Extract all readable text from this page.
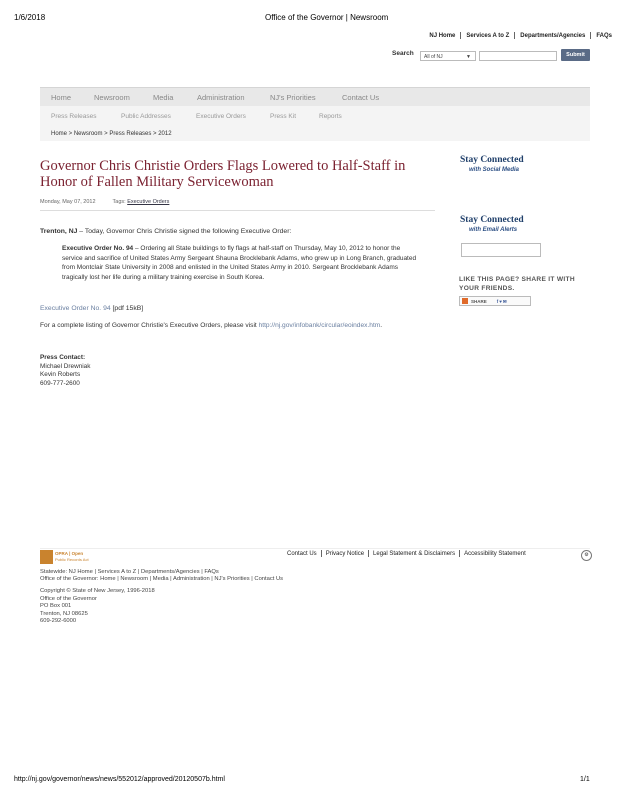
1/6/2018	Office of the Governor | Newsroom
NJ Home Services A to Z Departments/Agencies FAQs
Search	All of NJ	▼	Submit
Home	Newsroom	Media	Administration	NJ's Priorities	Contact Us
Press Releases	Public Addresses	Executive Orders	Press Kit	Reports
Home > Newsroom > Press Releases > 2012
Governor Chris Christie Orders Flags Lowered to Half-Staff in Honor of Fallen Military Servicewoman
Monday, May 07, 2012	Tags: Executive Orders
Trenton, NJ – Today, Governor Chris Christie signed the following Executive Order:

Executive Order No. 94 – Ordering all State buildings to fly flags at half-staff on Thursday, May 10, 2012 to honor the service and sacrifice of United States Army Sergeant Shauna Brocklebank Adams, who grew up in Long Branch, graduated from Montclair State University in 2008 and enlisted in the United States Army in 2010. Sergeant Brocklebank Adams tragically lost her life during a military training exercise in South Korea.

Executive Order No. 94 [pdf 15kB]
For a complete listing of Governor Christie's Executive Orders, please visit http://nj.gov/infobank/circular/eoindex.htm.
Press Contact:
Michael Drewniak
Kevin Roberts
609-777-2600
Stay Connected
with Social Media
Stay Connected
with Email Alerts
LIKE THIS PAGE? SHARE IT WITH YOUR FRIENDS.
SHARE f♥✉
OPRA | Open
Public Records Act
Contact Us Privacy Notice Legal Statement & Disclaimers Accessibility Statement	⚙
Statewide: NJ Home | Services A to Z | Departments/Agencies | FAQs
Office of the Governor: Home | Newsroom | Media | Administration | NJ's Priorities | Contact Us
Copyright © State of New Jersey, 1996-2018
Office of the Governor
PO Box 001
Trenton, NJ 08625
609-292-6000
http://nj.gov/governor/news/news/552012/approved/20120507b.html	1/1
